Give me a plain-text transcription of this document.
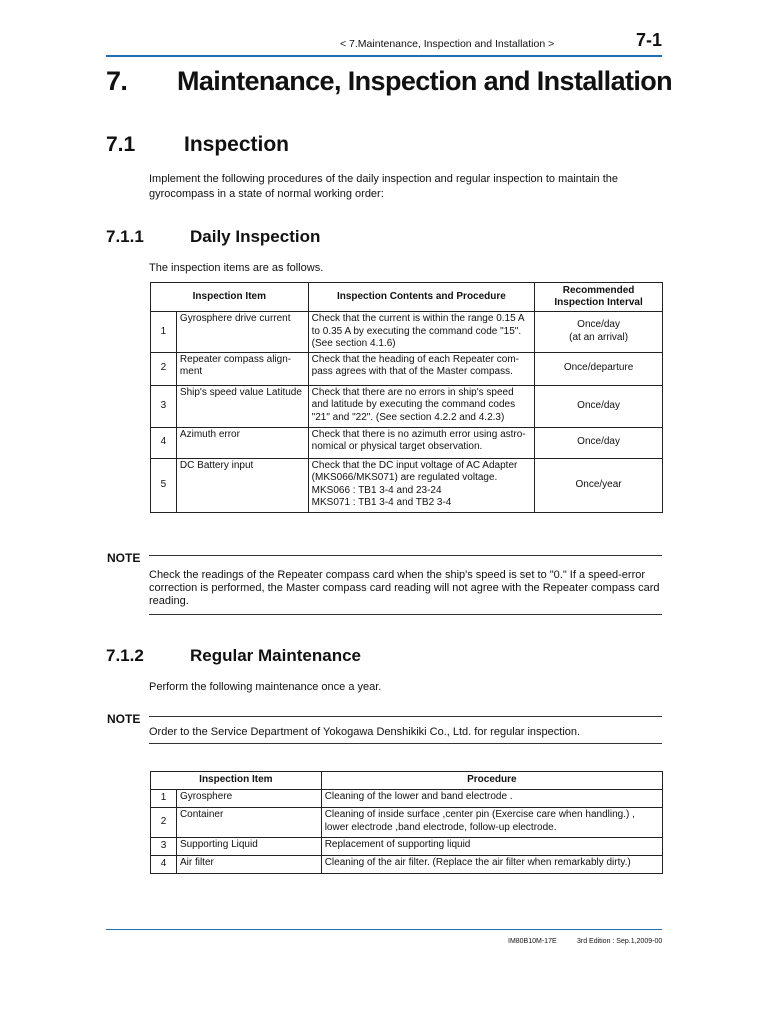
< 7.Maintenance, Inspection and Installation >	7-1
7. Maintenance, Inspection and Installation
7.1 Inspection
Implement the following procedures of the daily inspection and regular inspection to maintain the gyrocompass in a state of normal working order:
7.1.1	Daily Inspection
The inspection items are as follows.
Inspection Item		Inspection Contents and Procedure	Recommended Inspection Interval
1	Gyrosphere drive current	Check that the current is within the range 0.15 A to 0.35 A by executing the command code "15". (See section 4.1.6)	Once/day
(at an arrival)
2	Repeater compass align-ment	Check that the heading of each Repeater com-pass agrees with that of the Master compass.	Once/departure
3	Ship's speed value Latitude	Check that there are no errors in ship's speed and latitude by executing the command codes "21" and "22". (See section 4.2.2 and 4.2.3)	Once/day
4	Azimuth error	Check that there is no azimuth error using astro-nomical or physical target observation.	Once/day
5	DC Battery input	Check that the DC input voltage of AC Adapter (MKS066/MKS071) are regulated voltage.
MKS066 : TB1 3-4 and 23-24
MKS071 : TB1 3-4 and TB2 3-4	Once/year
NOTE
Check the readings of the Repeater compass card when the ship's speed is set to "0." If a speed-error correction is performed, the Master compass card reading will not agree with the Repeater compass card reading.
7.1.2	Regular Maintenance
Perform the following maintenance once a year.
NOTE
Order to the Service Department of Yokogawa Denshikiki Co., Ltd. for regular inspection.
Inspection Item		Procedure
1	Gyrosphere	Cleaning of the lower and band electrode .
2	Container	Cleaning of inside surface ,center pin (Exercise care when handling.) , lower electrode ,band electrode, follow-up electrode.
3	Supporting Liquid	Replacement of supporting liquid
4	Air filter	Cleaning of the air filter. (Replace the air filter when remarkably dirty.)
IM80B10M-17E	3rd Edition : Sep.1,2009-00
